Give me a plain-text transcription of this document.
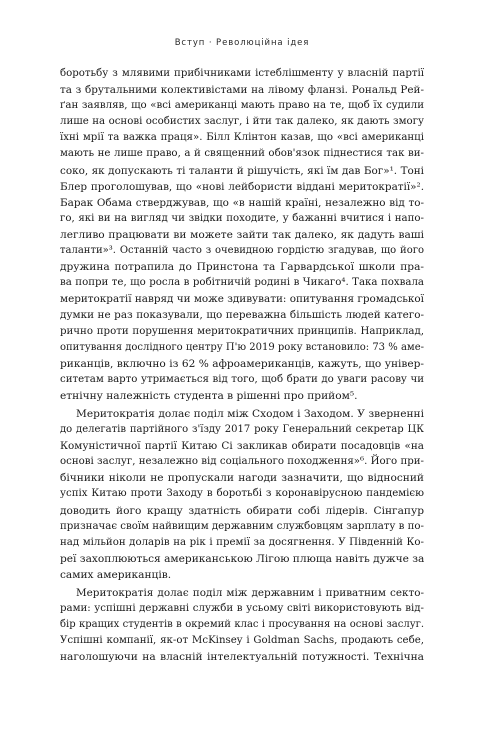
Вступ · Революційна ідея
боротьбу з млявими прибічниками істеблішменту у власній партії
та з брутальними колективістами на лівому фланзі. Рональд Рей-
ґан заявляв, що «всі американці мають право на те, щоб їх судили
лише на основі особистих заслуг, і йти так далеко, як дають змогу
їхні мрії та важка праця». Білл Клінтон казав, що «всі американці
мають не лише право, а й священний обов'язок піднестися так ви-
соко, як допускають ті таланти й рішучість, які їм дав Бог»¹. Тоні
Блер проголошував, що «нові лейбористи віддані меритократії»².
Барак Обама стверджував, що «в нашій країні, незалежно від то-
го, які ви на вигляд чи звідки походите, у бажанні вчитися і напо-
легливо працювати ви можете зайти так далеко, як дадуть ваші
таланти»³. Останній часто з очевидною гордістю згадував, що його
дружина потрапила до Принстона та Гарвардської школи пра-
ва попри те, що росла в робітничій родині в Чикаго⁴. Така похвала
меритократії навряд чи може здивувати: опитування громадської
думки не раз показували, що переважна більшість людей катего-
рично проти порушення меритократичних принципів. Наприклад,
опитування дослідного центру П'ю 2019 року встановило: 73 % аме-
риканців, включно із 62 % афроамериканців, кажуть, що універ-
ситетам варто утримається від того, щоб брати до уваги расову чи
етнічну належність студента в рішенні про прийом⁵.
Меритократія долає поділ між Сходом і Заходом. У зверненні
до делегатів партійного з'їзду 2017 року Генеральний секретар ЦК
Комуністичної партії Китаю Сі закликав обирати посадовців «на
основі заслуг, незалежно від соціального походження»⁶. Його при-
бічники ніколи не пропускали нагоди зазначити, що відносний
успіх Китаю проти Заходу в боротьбі з коронавірусною пандемією
доводить його кращу здатність обирати собі лідерів. Сінгапур
призначає своїм найвищим державним службовцям зарплату в по-
над мільйон доларів на рік і премії за досягнення. У Південній Ко-
реї захоплюються американською Лігою плюща навіть дужче за
самих американців.
Меритократія долає поділ між державним і приватним секто-
рами: успішні державні служби в усьому світі використовують від-
бір кращих студентів в окремий клас і просування на основі заслуг.
Успішні компанії, як-от McKinsey і Goldman Sachs, продають себе,
наголошуючи на власній інтелектуальній потужності. Технічна
